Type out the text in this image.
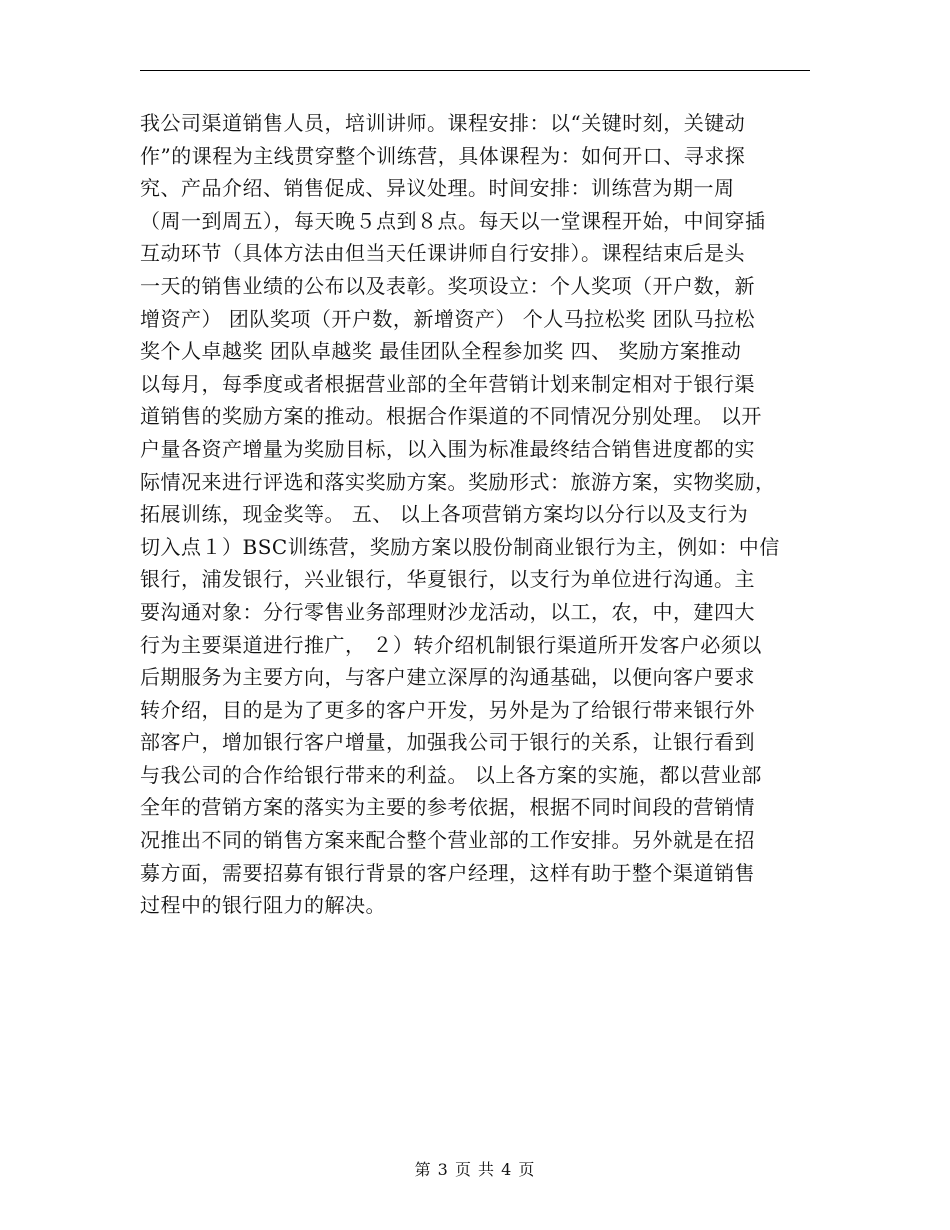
我公司渠道销售人员，培训讲师。课程安排：以“关键时刻，关键动
作”的课程为主线贯穿整个训练营，具体课程为：如何开口、寻求探
究、产品介绍、销售促成、异议处理。时间安排：训练营为期一周
（周一到周五），每天晚５点到８点。每天以一堂课程开始，中间穿插
互动环节（具体方法由但当天任课讲师自行安排）。课程结束后是头
一天的销售业绩的公布以及表彰。奖项设立：个人奖项（开户数，新
增资产） 团队奖项（开户数，新增资产） 个人马拉松奖 团队马拉松
奖个人卓越奖 团队卓越奖 最佳团队全程参加奖 四、 奖励方案推动
以每月，每季度或者根据营业部的全年营销计划来制定相对于银行渠
道销售的奖励方案的推动。根据合作渠道的不同情况分别处理。 以开
户量各资产增量为奖励目标，以入围为标准最终结合销售进度都的实
际情况来进行评选和落实奖励方案。奖励形式：旅游方案，实物奖励，
拓展训练，现金奖等。 五、 以上各项营销方案均以分行以及支行为
切入点１）BSC训练营，奖励方案以股份制商业银行为主，例如：中信
银行，浦发银行，兴业银行，华夏银行，以支行为单位进行沟通。主
要沟通对象：分行零售业务部理财沙龙活动，以工，农，中，建四大
行为主要渠道进行推广， ２）转介绍机制银行渠道所开发客户必须以
后期服务为主要方向，与客户建立深厚的沟通基础，以便向客户要求
转介绍，目的是为了更多的客户开发，另外是为了给银行带来银行外
部客户，增加银行客户增量，加强我公司于银行的关系，让银行看到
与我公司的合作给银行带来的利益。 以上各方案的实施，都以营业部
全年的营销方案的落实为主要的参考依据，根据不同时间段的营销情
况推出不同的销售方案来配合整个营业部的工作安排。另外就是在招
募方面，需要招募有银行背景的客户经理，这样有助于整个渠道销售
过程中的银行阻力的解决。
第 3 页 共 4 页
